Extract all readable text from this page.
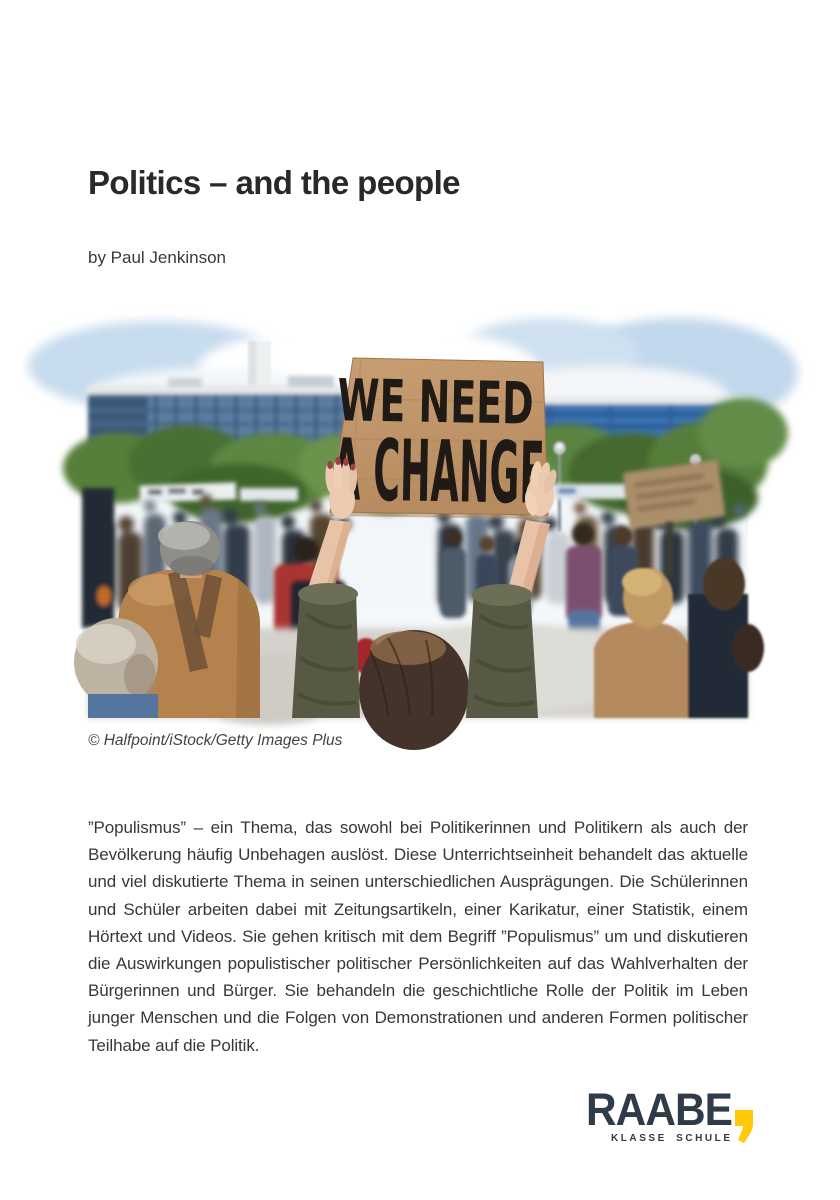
Politics – and the people

by Paul Jenkinson

WE NEED

© Halfpoint/iStock/Getty Images Plus

”Populismus” – ein Thema, das sowohl bei Politikerinnen und Politikern als auch der Bevölkerung häufig Unbehagen auslöst. Diese Unterrichtseinheit behandelt das aktuelle und viel diskutierte Thema in seinen unterschiedlichen Ausprägungen. Die Schülerinnen und Schüler arbeiten dabei mit Zeitungsartikeln, einer Karikatur, einer Statistik, einem Hörtext und Videos. Sie gehen kritisch mit dem Begriff ”Populismus” um und diskutieren die Auswirkungen populistischer politischer Persönlichkeiten auf das Wahlverhalten der Bürgerinnen und Bürger. Sie behandeln die geschichtliche Rolle der Politik im Leben junger Menschen und die Folgen von Demonstrationen und anderen Formen politischer Teilhabe auf die Politik.

RAABE
KLASSE SCHULE
